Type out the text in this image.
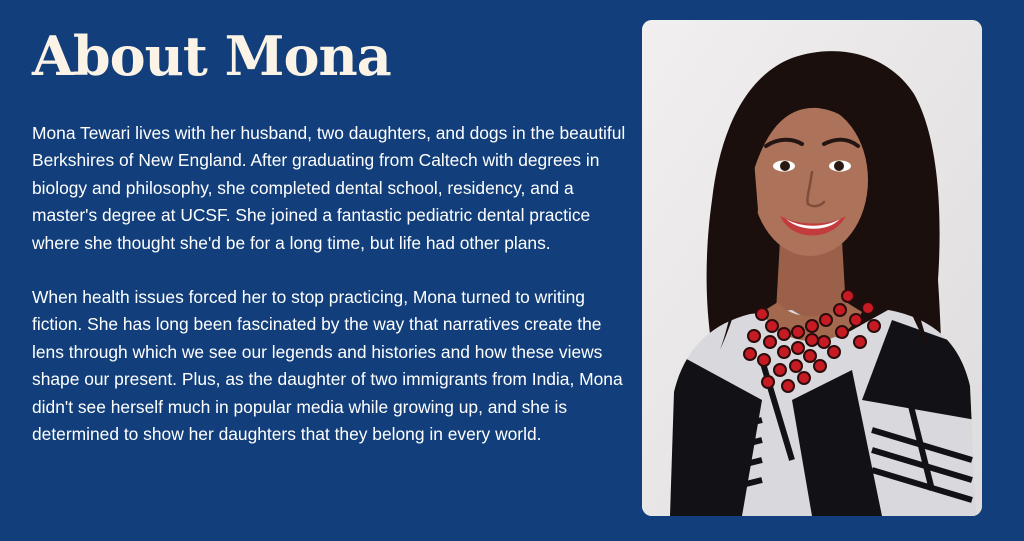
About Mona

Mona Tewari lives with her husband, two daughters, and dogs in the beautiful Berkshires of New England. After graduating from Caltech with degrees in biology and philosophy, she completed dental school, residency, and a master's degree at UCSF. She joined a fantastic pediatric dental practice where she thought she'd be for a long time, but life had other plans.

When health issues forced her to stop practicing, Mona turned to writing fiction. She has long been fascinated by the way that narratives create the lens through which we see our legends and histories and how these views shape our present. Plus, as the daughter of two immigrants from India, Mona didn't see herself much in popular media while growing up, and she is determined to show her daughters that they belong in every world.
